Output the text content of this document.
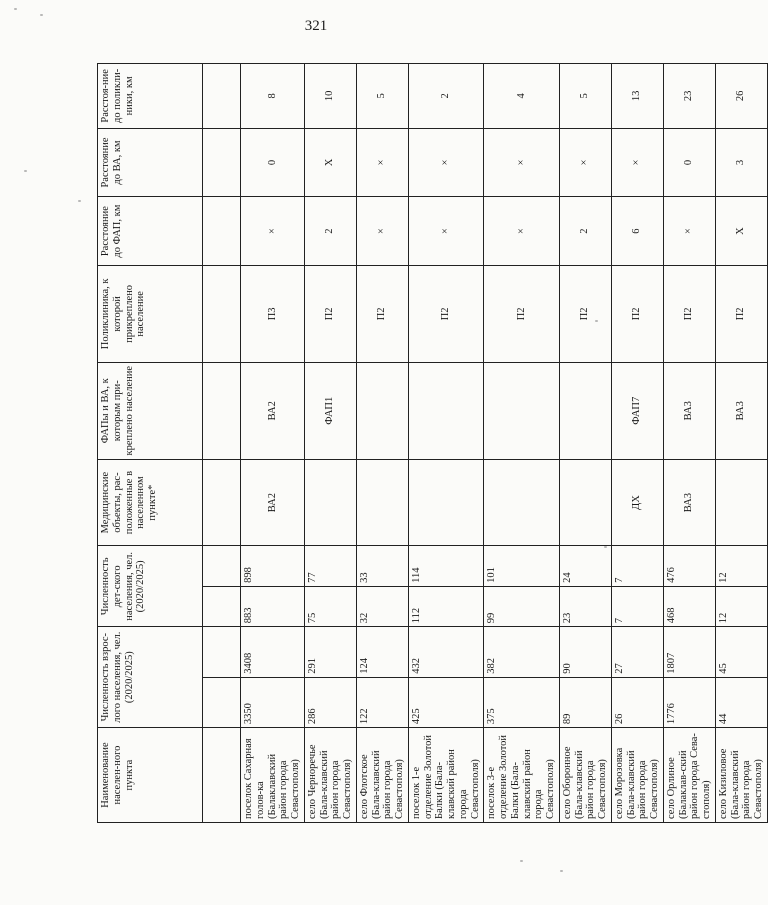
321
Наименование населен-ного пункта	Численность взрос-лого населения, чел. (2020/2025)		Численность дет-ского населения, чел. (2020/2025)		Медицинские объекты, рас-положенные в населенном пункте*	ФАПы и ВА, к которым при-креплено население	Поликлиника, к которой прикреплено население	Расстояние до ФАП, км	Расстояние до ВА, км	Расстоя-ние до поликли-ники, км

поселок Сахарная голов-ка (Балаклавский район города Севастополя)	3350	3408	883	898	ВА2	ВА2	П3	×	0	8
село Черноречье (Бала-клавский район города Севастополя)	286	291	75	77		ФАП1	П2	2	Х	10
село Флотское (Бала-клавский район города Севастополя)	122	124	32	33			П2	×	×	5
поселок 1-е отделение Золотой Балки (Бала-клавский район города Севастополя)	425	432	112	114			П2	×	×	2
поселок 3-е отделение Золотой Балки (Бала-клавский район города Севастополя)	375	382	99	101			П2	×	×	4
село Оборонное (Бала-клавский район города Севастополя)	89	90	23	24			П2	2	×	5
село Морозовка (Бала-клавский район города Севастополя)	26	27	7	7	ДХ	ФАП7	П2	6	×	13
село Орлиное (Балаклав-ский район города Сева-стополя)	1776	1807	468	476	ВА3	ВА3	П2	×	0	23
село Кизиловое (Бала-клавский район города Севастополя)	44	45	12	12		ВА3	П2	Х	3	26
